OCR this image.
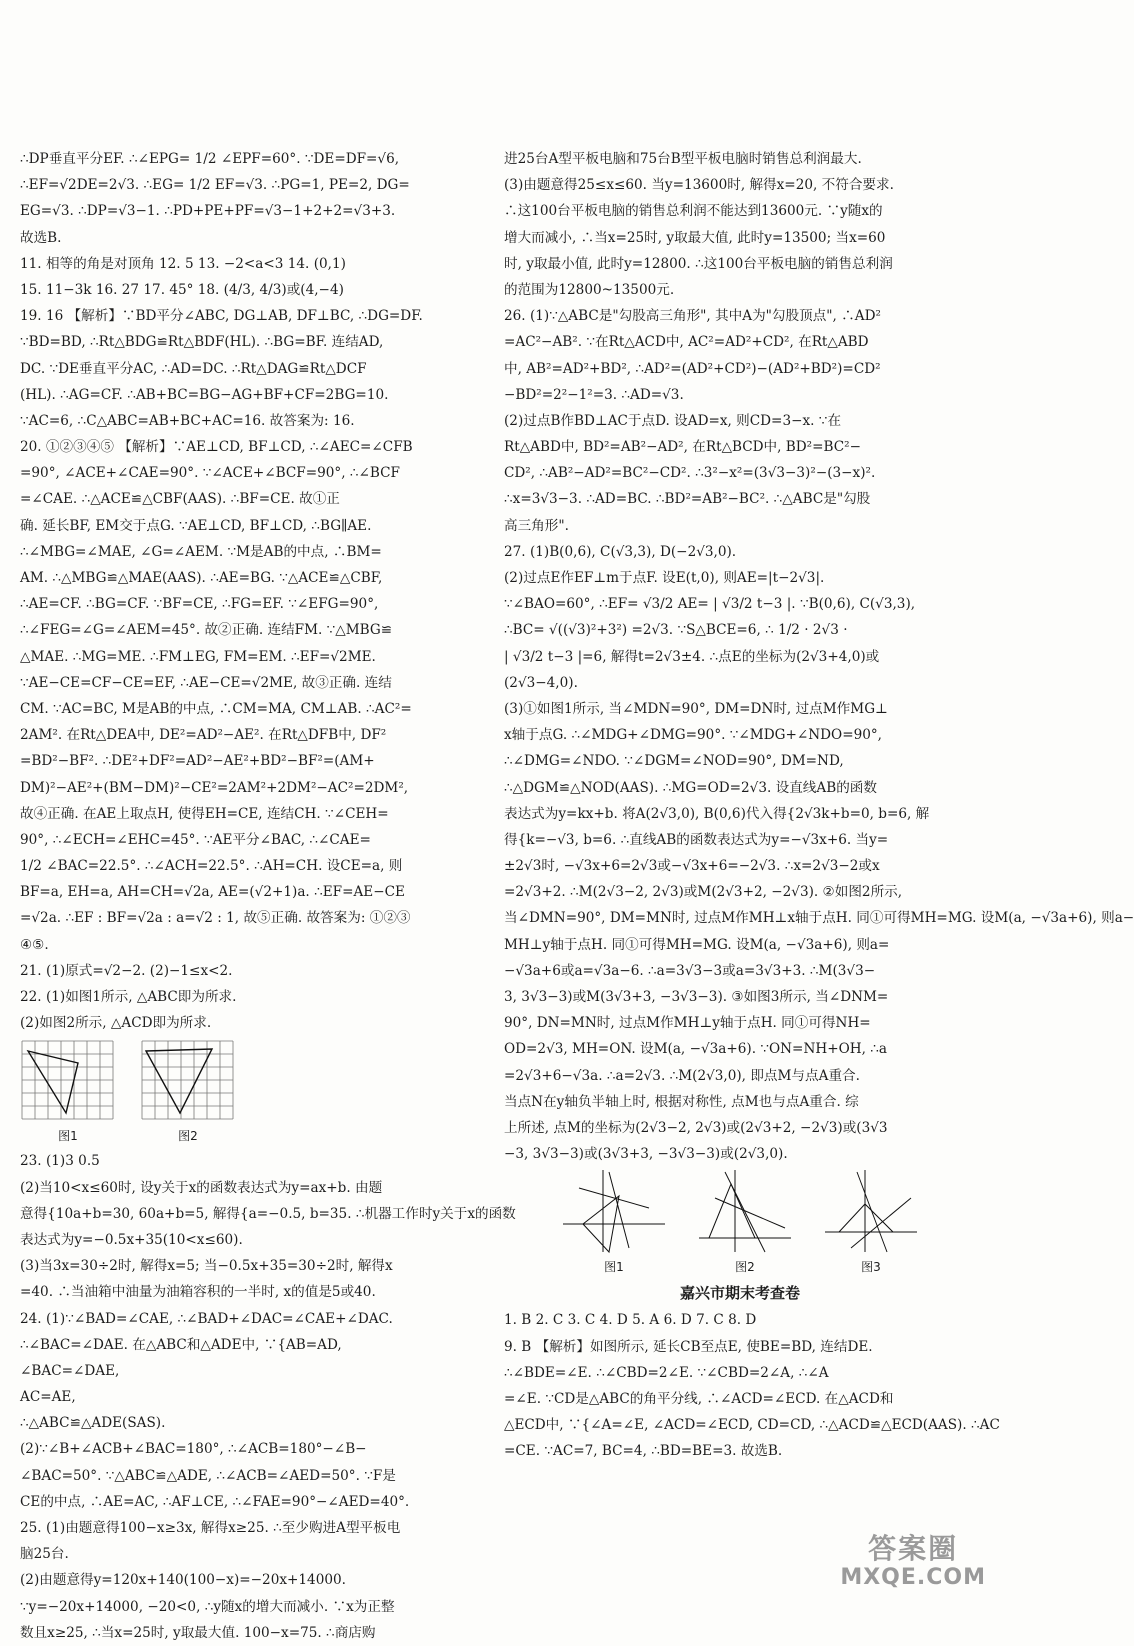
∴DP垂直平分EF. ∴∠EPG= 1/2 ∠EPF=60°. ∵DE=DF=√6,
∴EF=√2DE=2√3. ∴EG= 1/2 EF=√3. ∴PG=1, PE=2, DG=
EG=√3. ∴DP=√3−1. ∴PD+PE+PF=√3−1+2+2=√3+3.
故选B.
11. 相等的角是对顶角 12. 5 13. −2<a<3 14. (0,1)
15. 11−3k 16. 27 17. 45° 18. (4/3, 4/3)或(4,−4)
19. 16 【解析】∵BD平分∠ABC, DG⊥AB, DF⊥BC, ∴DG=DF.
∵BD=BD, ∴Rt△BDG≌Rt△BDF(HL). ∴BG=BF. 连结AD,
DC. ∵DE垂直平分AC, ∴AD=DC. ∴Rt△DAG≌Rt△DCF
(HL). ∴AG=CF. ∴AB+BC=BG−AG+BF+CF=2BG=10.
∵AC=6, ∴C△ABC=AB+BC+AC=16. 故答案为: 16.
20. ①②③④⑤ 【解析】∵AE⊥CD, BF⊥CD, ∴∠AEC=∠CFB
=90°, ∠ACE+∠CAE=90°. ∵∠ACE+∠BCF=90°, ∴∠BCF
=∠CAE. ∴△ACE≌△CBF(AAS). ∴BF=CE. 故①正
确. 延长BF, EM交于点G. ∵AE⊥CD, BF⊥CD, ∴BG∥AE.
∴∠MBG=∠MAE, ∠G=∠AEM. ∵M是AB的中点, ∴BM=
AM. ∴△MBG≌△MAE(AAS). ∴AE=BG. ∵△ACE≌△CBF,
∴AE=CF. ∴BG=CF. ∵BF=CE, ∴FG=EF. ∵∠EFG=90°,
∴∠FEG=∠G=∠AEM=45°. 故②正确. 连结FM. ∵△MBG≌
△MAE. ∴MG=ME. ∴FM⊥EG, FM=EM. ∴EF=√2ME.
∵AE−CE=CF−CE=EF, ∴AE−CE=√2ME, 故③正确. 连结
CM. ∵AC=BC, M是AB的中点, ∴CM=MA, CM⊥AB. ∴AC²=
2AM². 在Rt△DEA中, DE²=AD²−AE². 在Rt△DFB中, DF²
=BD²−BF². ∴DE²+DF²=AD²−AE²+BD²−BF²=(AM+
DM)²−AE²+(BM−DM)²−CE²=2AM²+2DM²−AC²=2DM²,
故④正确. 在AE上取点H, 使得EH=CE, 连结CH. ∵∠CEH=
90°, ∴∠ECH=∠EHC=45°. ∵AE平分∠BAC, ∴∠CAE=
1/2 ∠BAC=22.5°. ∴∠ACH=22.5°. ∴AH=CH. 设CE=a, 则
BF=a, EH=a, AH=CH=√2a, AE=(√2+1)a. ∴EF=AE−CE
=√2a. ∴EF : BF=√2a : a=√2 : 1, 故⑤正确. 故答案为: ①②③
④⑤.
21. (1)原式=√2−2. (2)−1≤x<2.
22. (1)如图1所示, △ABC即为所求.
(2)如图2所示, △ACD即为所求.
图1	图2
23. (1)3 0.5
(2)当10<x≤60时, 设y关于x的函数表达式为y=ax+b. 由题
意得{10a+b=30, 60a+b=5, 解得{a=−0.5, b=35. ∴机器工作时y关于x的函数
表达式为y=−0.5x+35(10<x≤60).
(3)当3x=30÷2时, 解得x=5; 当−0.5x+35=30÷2时, 解得x
=40. ∴当油箱中油量为油箱容积的一半时, x的值是5或40.
24. (1)∵∠BAD=∠CAE, ∴∠BAD+∠DAC=∠CAE+∠DAC.
∴∠BAC=∠DAE. 在△ABC和△ADE中, ∵{AB=AD,
∠BAC=∠DAE,
AC=AE,
∴△ABC≌△ADE(SAS).
(2)∵∠B+∠ACB+∠BAC=180°, ∴∠ACB=180°−∠B−
∠BAC=50°. ∵△ABC≌△ADE, ∴∠ACB=∠AED=50°. ∵F是
CE的中点, ∴AE=AC, ∴AF⊥CE, ∴∠FAE=90°−∠AED=40°.
25. (1)由题意得100−x≥3x, 解得x≥25. ∴至少购进A型平板电
脑25台.
(2)由题意得y=120x+140(100−x)=−20x+14000.
∵y=−20x+14000, −20<0, ∴y随x的增大而减小. ∵x为正整
数且x≥25, ∴当x=25时, y取最大值. 100−x=75. ∴商店购
进25台A型平板电脑和75台B型平板电脑时销售总利润最大.
(3)由题意得25≤x≤60. 当y=13600时, 解得x=20, 不符合要求.
∴这100台平板电脑的销售总利润不能达到13600元. ∵y随x的
增大而减小, ∴当x=25时, y取最大值, 此时y=13500; 当x=60
时, y取最小值, 此时y=12800. ∴这100台平板电脑的销售总利润
的范围为12800~13500元.
26. (1)∵△ABC是"勾股高三角形", 其中A为"勾股顶点", ∴AD²
=AC²−AB². ∵在Rt△ACD中, AC²=AD²+CD², 在Rt△ABD
中, AB²=AD²+BD², ∴AD²=(AD²+CD²)−(AD²+BD²)=CD²
−BD²=2²−1²=3. ∴AD=√3.
(2)过点B作BD⊥AC于点D. 设AD=x, 则CD=3−x. ∵在
Rt△ABD中, BD²=AB²−AD², 在Rt△BCD中, BD²=BC²−
CD², ∴AB²−AD²=BC²−CD². ∴3²−x²=(3√3−3)²−(3−x)².
∴x=3√3−3. ∴AD=BC. ∴BD²=AB²−BC². ∴△ABC是"勾股
高三角形".
27. (1)B(0,6), C(√3,3), D(−2√3,0).
(2)过点E作EF⊥m于点F. 设E(t,0), 则AE=|t−2√3|.
∵∠BAO=60°, ∴EF= √3/2 AE= | √3/2 t−3 |. ∵B(0,6), C(√3,3),
∴BC= √((√3)²+3²) =2√3. ∵S△BCE=6, ∴ 1/2 · 2√3 ·
| √3/2 t−3 |=6, 解得t=2√3±4. ∴点E的坐标为(2√3+4,0)或
(2√3−4,0).
(3)①如图1所示, 当∠MDN=90°, DM=DN时, 过点M作MG⊥
x轴于点G. ∴∠MDG+∠DMG=90°. ∵∠MDG+∠NDO=90°,
∴∠DMG=∠NDO. ∵∠DGM=∠NOD=90°, DM=ND,
∴△DGM≌△NOD(AAS). ∴MG=OD=2√3. 设直线AB的函数
表达式为y=kx+b. 将A(2√3,0), B(0,6)代入得{2√3k+b=0, b=6, 解
得{k=−√3, b=6. ∴直线AB的函数表达式为y=−√3x+6. 当y=
±2√3时, −√3x+6=2√3或−√3x+6=−2√3. ∴x=2√3−2或x
=2√3+2. ∴M(2√3−2, 2√3)或M(2√3+2, −2√3). ②如图2所示,
当∠DMN=90°, DM=MN时, 过点M作MH⊥x轴于点H. 同①可得MH=MG. 设M(a, −√3a+6), 则a−
MH⊥y轴于点H. 同①可得MH=MG. 设M(a, −√3a+6), 则a=
−√3a+6或a=√3a−6. ∴a=3√3−3或a=3√3+3. ∴M(3√3−
3, 3√3−3)或M(3√3+3, −3√3−3). ③如图3所示, 当∠DNM=
90°, DN=MN时, 过点M作MH⊥y轴于点H. 同①可得NH=
OD=2√3, MH=ON. 设M(a, −√3a+6). ∵ON=NH+OH, ∴a
=2√3+6−√3a. ∴a=2√3. ∴M(2√3,0), 即点M与点A重合.
当点N在y轴负半轴上时, 根据对称性, 点M也与点A重合. 综
上所述, 点M的坐标为(2√3−2, 2√3)或(2√3+2, −2√3)或(3√3
−3, 3√3−3)或(3√3+3, −3√3−3)或(2√3,0).
图1	图2	图3
嘉兴市期末考查卷
1. B 2. C 3. C 4. D 5. A 6. D 7. C 8. D
9. B 【解析】如图所示, 延长CB至点E, 使BE=BD, 连结DE.
∴∠BDE=∠E. ∴∠CBD=2∠E. ∵∠CBD=2∠A, ∴∠A
=∠E. ∵CD是△ABC的角平分线, ∴∠ACD=∠ECD. 在△ACD和
△ECD中, ∵{∠A=∠E, ∠ACD=∠ECD, CD=CD, ∴△ACD≌△ECD(AAS). ∴AC
=CE. ∵AC=7, BC=4, ∴BD=BE=3. 故选B.
答案圈
MXQE.COM
